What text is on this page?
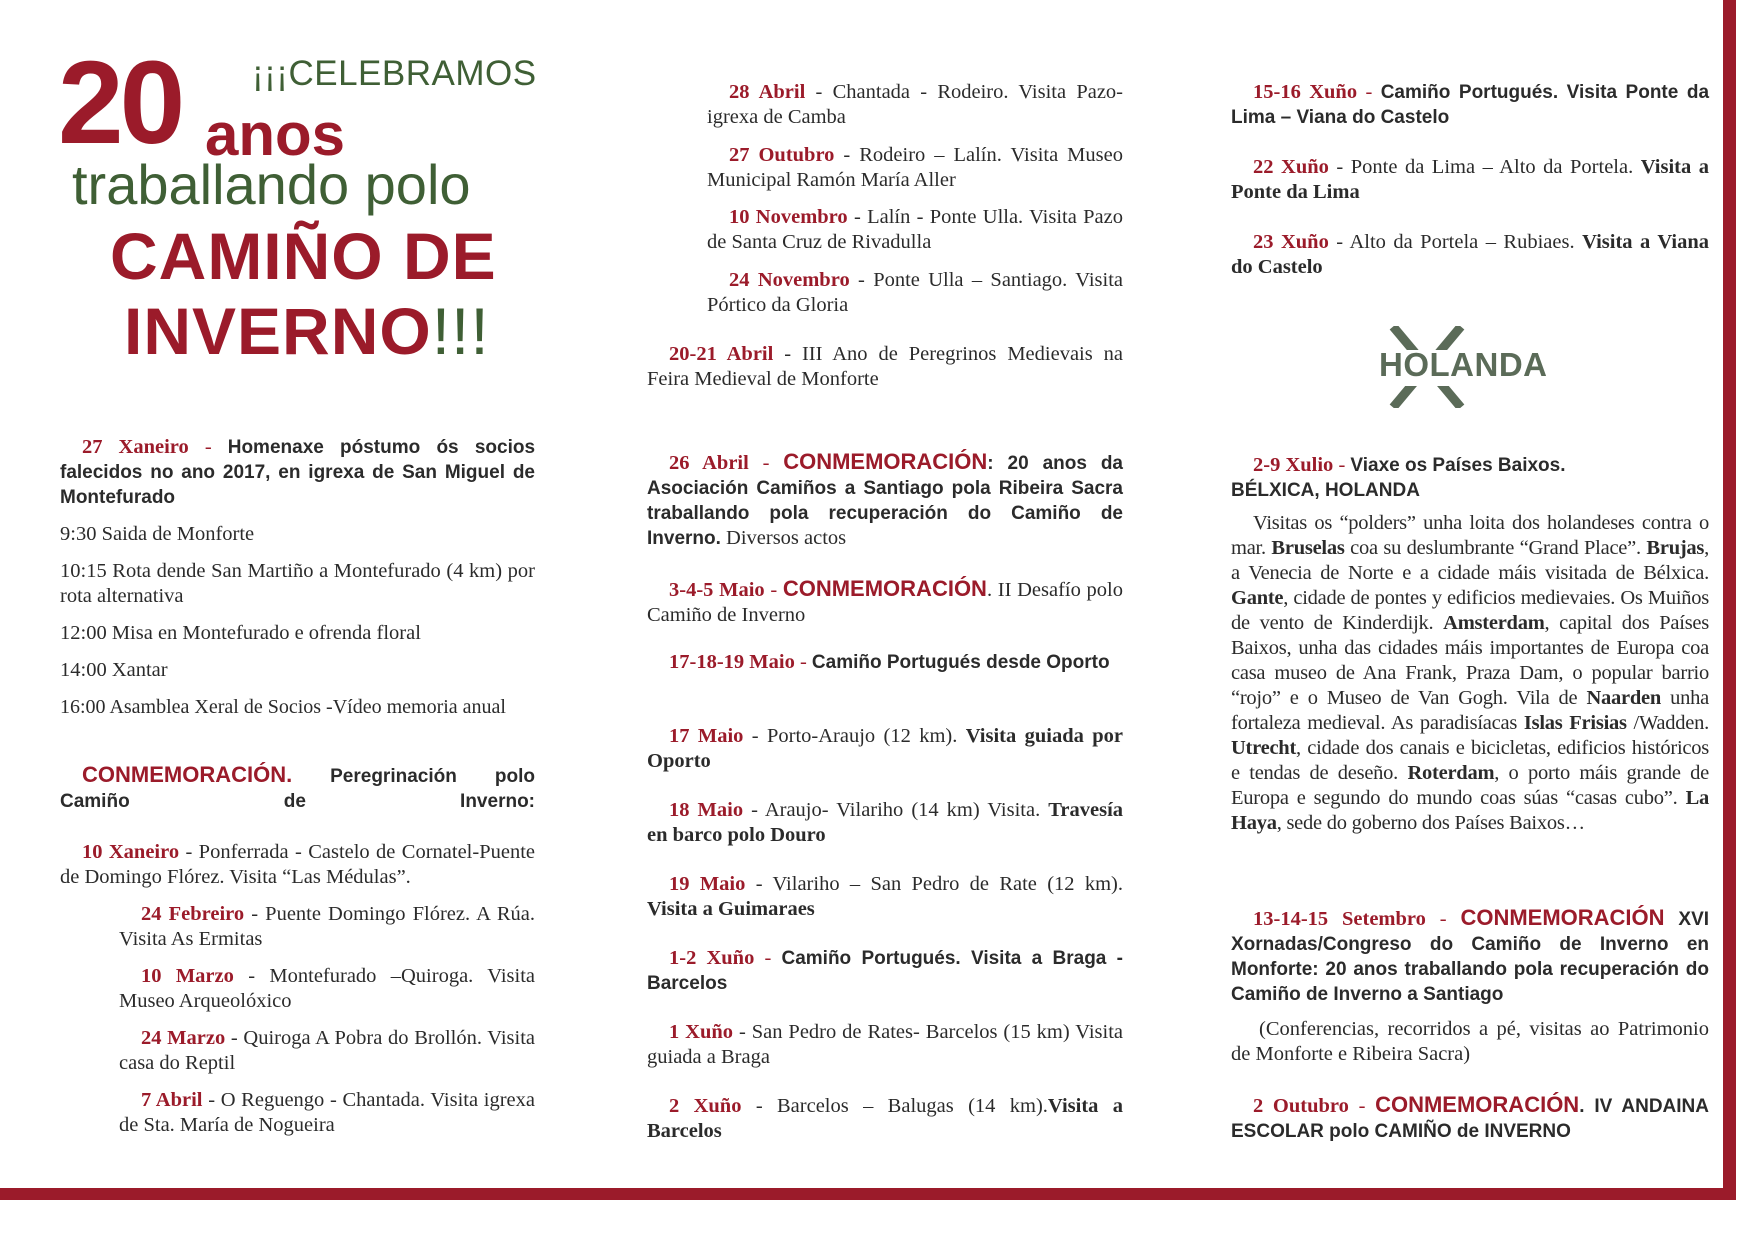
20 ¡¡¡CELEBRAMOS
anos
traballando polo
CAMIÑO DE
INVERNO!!!

27 Xaneiro - Homenaxe póstumo ós socios falecidos no ano 2017, en igrexa de San Miguel de Montefurado

9:30 Saida de Monforte

10:15 Rota dende San Martiño a Montefurado (4 km) por rota alternativa

12:00 Misa en Montefurado e ofrenda floral

14:00 Xantar

16:00 Asamblea Xeral de Socios -Vídeo memoria anual

CONMEMORACIÓN. Peregrinación polo Camiño de Inverno:

10 Xaneiro - Ponferrada - Castelo de Cornatel-Puente de Domingo Flórez. Visita “Las Médulas”.

24 Febreiro - Puente Domingo Flórez. A Rúa. Visita As Ermitas

10 Marzo - Montefurado –Quiroga. Visita Museo Arqueolóxico

24 Marzo - Quiroga A Pobra do Brollón. Visita casa do Reptil

7 Abril - O Reguengo - Chantada. Visita igrexa de Sta. María de Nogueira

28 Abril - Chantada - Rodeiro. Visita Pazo-igrexa de Camba

27 Outubro - Rodeiro – Lalín. Visita Museo Municipal Ramón María Aller

10 Novembro - Lalín - Ponte Ulla. Visita Pazo de Santa Cruz de Rivadulla

24 Novembro - Ponte Ulla – Santiago. Visita Pórtico da Gloria

20-21 Abril - III Ano de Peregrinos Medievais na Feira Medieval de Monforte

26 Abril - CONMEMORACIÓN: 20 anos da Asociación Camiños a Santiago pola Ribeira Sacra traballando pola recuperación do Camiño de Inverno. Diversos actos

3-4-5 Maio - CONMEMORACIÓN. II Desafío polo Camiño de Inverno

17-18-19 Maio - Camiño Portugués desde Oporto

17 Maio - Porto-Araujo (12 km). Visita guiada por Oporto

18 Maio - Araujo- Vilariho (14 km) Visita. Travesía en barco polo Douro

19 Maio - Vilariho – San Pedro de Rate (12 km). Visita a Guimaraes

1-2 Xuño - Camiño Portugués. Visita a Braga -Barcelos

1 Xuño - San Pedro de Rates- Barcelos (15 km) Visita guiada a Braga

2 Xuño - Barcelos – Balugas (14 km).Visita a Barcelos

15-16 Xuño - Camiño Portugués. Visita Ponte da Lima – Viana do Castelo

22 Xuño - Ponte da Lima – Alto da Portela. Visita a Ponte da Lima

23 Xuño - Alto da Portela – Rubiaes. Visita a Viana do Castelo

HOLANDA

2-9 Xulio - Viaxe os Países Baixos.
BÉLXICA, HOLANDA

Visitas os “polders” unha loita dos holandeses contra o mar. Bruselas coa su deslumbrante “Grand Place”. Brujas, a Venecia de Norte e a cidade máis visitada de Bélxica. Gante, cidade de pontes y edificios medievaies. Os Muiños de vento de Kinderdijk. Amsterdam, capital dos Países Baixos, unha das cidades máis importantes de Europa coa casa museo de Ana Frank, Praza Dam, o popular barrio “rojo” e o Museo de Van Gogh. Vila de Naarden unha fortaleza medieval. As paradisíacas Islas Frisias /Wadden. Utrecht, cidade dos canais e bicicletas, edificios históricos e tendas de deseño. Roterdam, o porto máis grande de Europa e segundo do mundo coas súas “casas cubo”. La Haya, sede do goberno dos Países Baixos…

13-14-15 Setembro - CONMEMORACIÓN XVI Xornadas/Congreso do Camiño de Inverno en Monforte: 20 anos traballando pola recuperación do Camiño de Inverno a Santiago

(Conferencias, recorridos a pé, visitas ao Patrimonio de Monforte e Ribeira Sacra)

2 Outubro - CONMEMORACIÓN. IV ANDAINA ESCOLAR polo CAMIÑO de INVERNO
